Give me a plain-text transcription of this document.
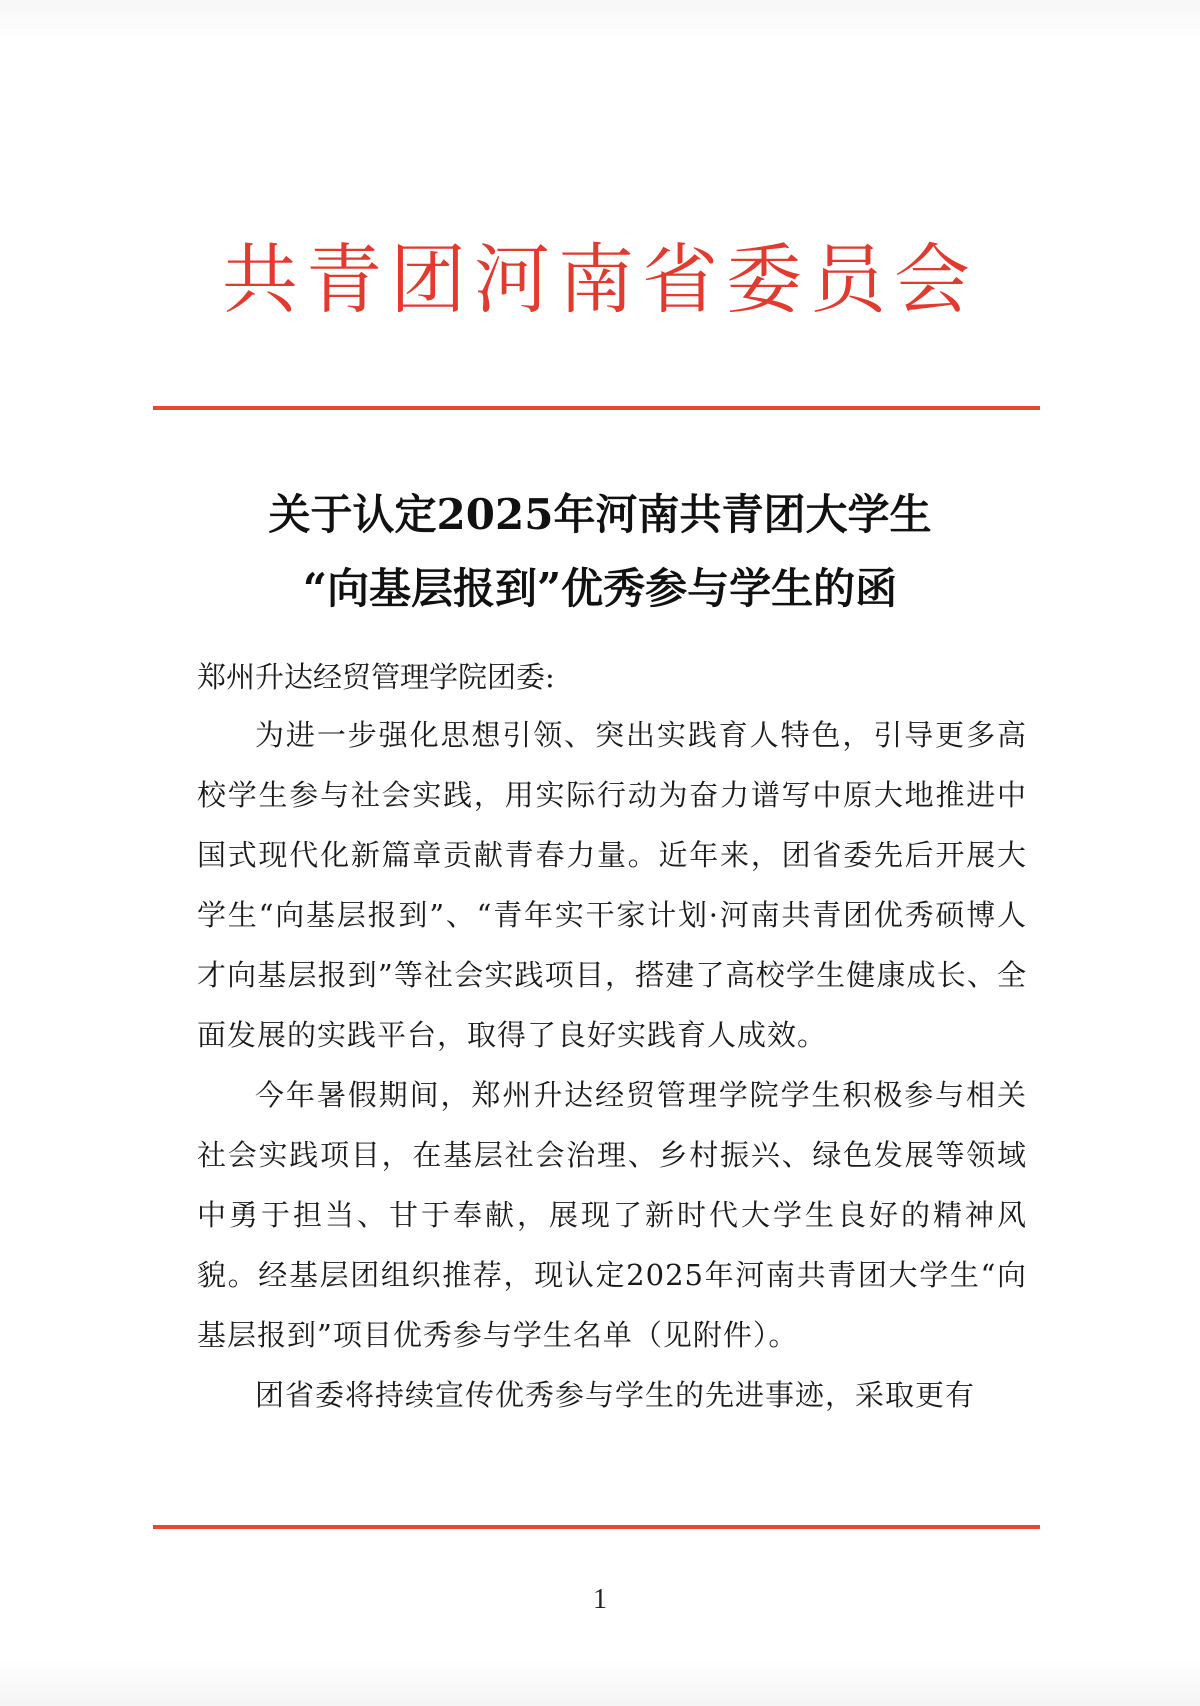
共青团河南省委员会
关于认定2025年河南共青团大学生
“向基层报到”优秀参与学生的函
郑州升达经贸管理学院团委:

为进一步强化思想引领、突出实践育人特色，引导更多高校学生参与社会实践，用实际行动为奋力谱写中原大地推进中国式现代化新篇章贡献青春力量。近年来，团省委先后开展大学生“向基层报到”、“青年实干家计划·河南共青团优秀硕博人才向基层报到”等社会实践项目，搭建了高校学生健康成长、全面发展的实践平台，取得了良好实践育人成效。

今年暑假期间，郑州升达经贸管理学院学生积极参与相关社会实践项目，在基层社会治理、乡村振兴、绿色发展等领域中勇于担当、甘于奉献，展现了新时代大学生良好的精神风貌。经基层团组织推荐，现认定2025年河南共青团大学生“向基层报到”项目优秀参与学生名单（见附件）。

团省委将持续宣传优秀参与学生的先进事迹，采取更有

1
